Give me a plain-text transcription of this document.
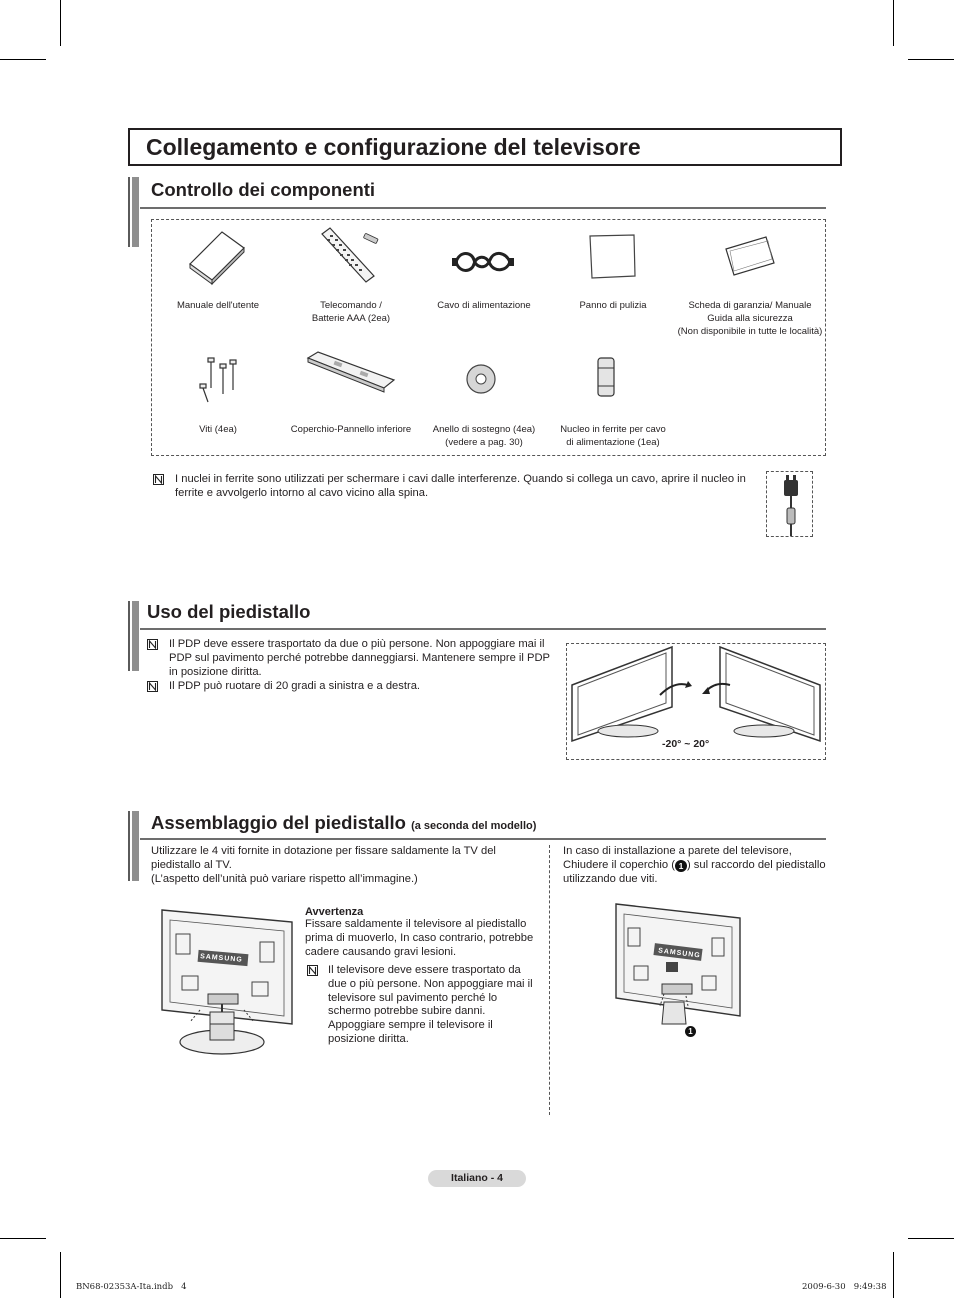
Collegamento e configurazione del televisore
Controllo dei componenti
Manuale dell'utente	Telecomando /
Batterie AAA (2ea)
Cavo di alimentazione	Panno di pulizia	Scheda di garanzia/ Manuale
Guida alla sicurezza
(Non disponibile in tutte le località)
Viti (4ea)	Coperchio-Pannello inferiore	Anello di sostegno (4ea)
(vedere a pag. 30)
Nucleo in ferrite per cavo
di alimentazione (1ea)
I nuclei in ferrite sono utilizzati per schermare i cavi dalle interferenze. Quando si collega un cavo, aprire il nucleo in ferrite e avvolgerlo intorno al cavo vicino alla spina.
Uso del piedistallo
Il PDP deve essere trasportato da due o più persone. Non appoggiare mai il PDP sul pavimento perché potrebbe danneggiarsi. Mantenere sempre il PDP in posizione diritta.
Il PDP può ruotare di 20 gradi a sinistra e a destra.
-20° ~ 20°
Assemblaggio del piedistallo (a seconda del modello)
Utilizzare le 4 viti fornite in dotazione per fissare saldamente la TV del piedistallo al TV.
(L’aspetto dell’unità può variare rispetto all’immagine.)
SAMSUNG
Avvertenza
Fissare saldamente il televisore al piedistallo prima di muoverlo, In caso contrario, potrebbe cadere causando gravi lesioni.
Il televisore deve essere trasportato da due o più persone. Non appoggiare mai il televisore sul pavimento perché lo schermo potrebbe subire danni. Appoggiare sempre il televisore il posizione diritta.
In caso di installazione a parete del televisore, Chiudere il coperchio ( 1 ) sul raccordo del piedistallo utilizzando due viti.
SAMSUNG
1
Italiano - 4
BN68-02353A-Ita.indb   4	2009-6-30   9:49:38
